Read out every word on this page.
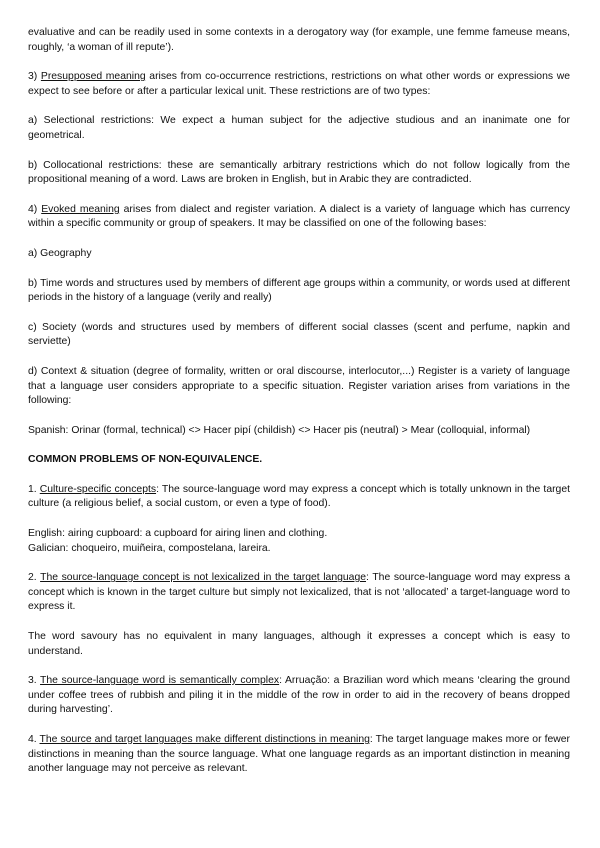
evaluative and can be readily used in some contexts in a derogatory way (for example, une femme fameuse means, roughly, ‘a woman of ill repute’).

3) Presupposed meaning arises from co-occurrence restrictions, restrictions on what other words or expressions we expect to see before or after a particular lexical unit. These restrictions are of two types:

a) Selectional restrictions: We expect a human subject for the adjective studious and an inanimate one for geometrical.

b) Collocational restrictions: these are semantically arbitrary restrictions which do not follow logically from the propositional meaning of a word. Laws are broken in English, but in Arabic they are contradicted.

4) Evoked meaning arises from dialect and register variation. A dialect is a variety of language which has currency within a specific community or group of speakers. It may be classified on one of the following bases:

a) Geography

b) Time words and structures used by members of different age groups within a community, or words used at different periods in the history of a language (verily and really)

c) Society (words and structures used by members of different social classes (scent and perfume, napkin and serviette)

d) Context & situation (degree of formality, written or oral discourse, interlocutor,...) Register is a variety of language that a language user considers appropriate to a specific situation. Register variation arises from variations in the following:

Spanish: Orinar (formal, technical) <> Hacer pipí (childish) <> Hacer pis (neutral) > Mear (colloquial, informal)

COMMON PROBLEMS OF NON-EQUIVALENCE.

1. Culture-specific concepts: The source-language word may express a concept which is totally unknown in the target culture (a religious belief, a social custom, or even a type of food).

English: airing cupboard: a cupboard for airing linen and clothing.

Galician: choqueiro, muiñeira, compostelana, lareira.

2. The source-language concept is not lexicalized in the target language: The source-language word may express a concept which is known in the target culture but simply not lexicalized, that is not ‘allocated’ a target-language word to express it.

The word savoury has no equivalent in many languages, although it expresses a concept which is easy to understand.

3. The source-language word is semantically complex: Arruação: a Brazilian word which means ‘clearing the ground under coffee trees of rubbish and piling it in the middle of the row in order to aid in the recovery of beans dropped during harvesting’.

4. The source and target languages make different distinctions in meaning: The target language makes more or fewer distinctions in meaning than the source language. What one language regards as an important distinction in meaning another language may not perceive as relevant.
